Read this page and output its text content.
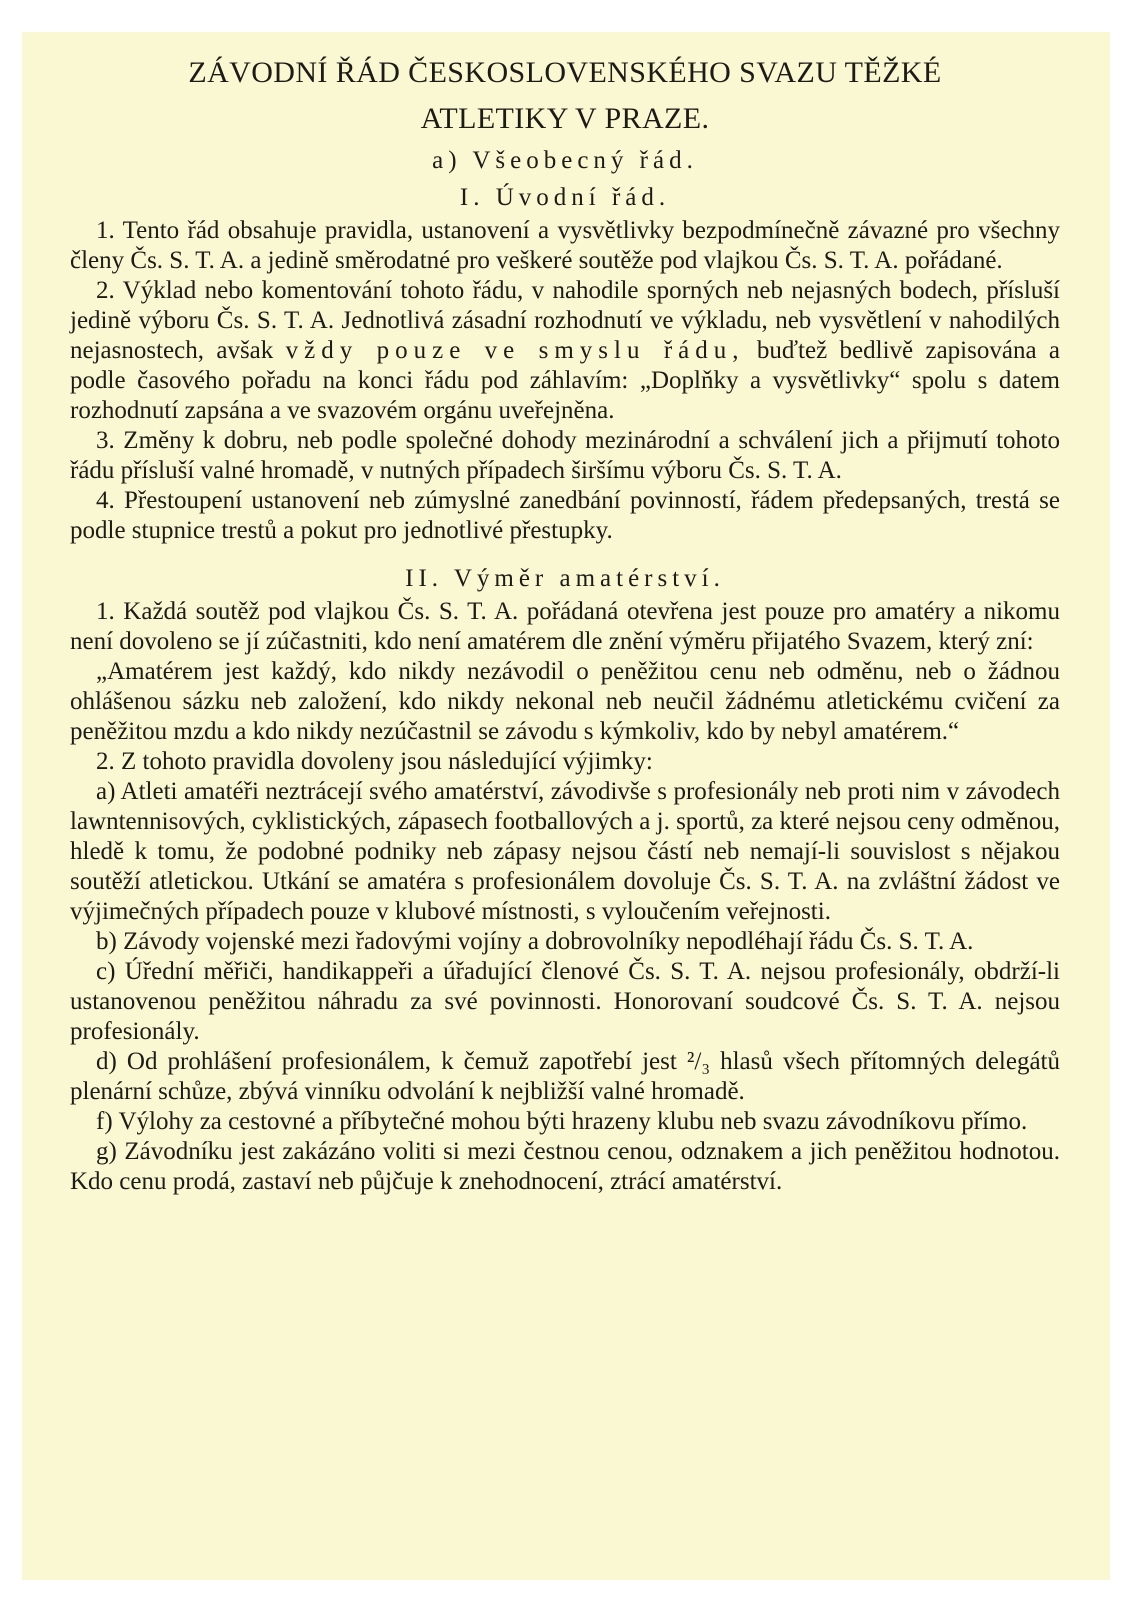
ZÁVODNÍ ŘÁD ČESKOSLOVENSKÉHO SVAZU TĚŽKÉ
ATLETIKY V PRAZE.
a) Všeobecný řád.
I. Úvodní řád.

1. Tento řád obsahuje pravidla, ustanovení a vysvětlivky bezpodmínečně závazné pro všechny členy Čs. S. T. A. a jedině směrodatné pro veškeré soutěže pod vlajkou Čs. S. T. A. pořádané.

2. Výklad nebo komentování tohoto řádu, v nahodile sporných neb nejasných bodech, přísluší jedině výboru Čs. S. T. A. Jednotlivá zásadní rozhodnutí ve výkladu, neb vysvětlení v nahodilých nejasnostech, avšak vždy pouze ve smyslu řádu, buďtež bedlivě zapisována a podle časového pořadu na konci řádu pod záhlavím: „Doplňky a vysvětlivky“ spolu s datem rozhodnutí zapsána a ve svazovém orgánu uveřejněna.

3. Změny k dobru, neb podle společné dohody mezinárodní a schválení jich a přijmutí tohoto řádu přísluší valné hromadě, v nutných případech širšímu výboru Čs. S. T. A.

4. Přestoupení ustanovení neb zúmyslné zanedbání povinností, řádem předepsaných, trestá se podle stupnice trestů a pokut pro jednotlivé přestupky.

II. Výměr amatérství.

1. Každá soutěž pod vlajkou Čs. S. T. A. pořádaná otevřena jest pouze pro amatéry a nikomu není dovoleno se jí zúčastniti, kdo není amatérem dle znění výměru přijatého Svazem, který zní:

„Amatérem jest každý, kdo nikdy nezávodil o peněžitou cenu neb odměnu, neb o žádnou ohlášenou sázku neb založení, kdo nikdy nekonal neb neučil žádnému atletickému cvičení za peněžitou mzdu a kdo nikdy nezúčastnil se závodu s kýmkoliv, kdo by nebyl amatérem.“

2. Z tohoto pravidla dovoleny jsou následující výjimky:

a) Atleti amatéři neztrácejí svého amatérství, závodivše s profesionály neb proti nim v závodech lawntennisových, cyklistických, zápasech footballových a j. sportů, za které nejsou ceny odměnou, hledě k tomu, že podobné podniky neb zápasy nejsou částí neb nemají-li souvislost s nějakou soutěží atletickou. Utkání se amatéra s profesionálem dovoluje Čs. S. T. A. na zvláštní žádost ve výjimečných případech pouze v klubové místnosti, s vyloučením veřejnosti.

b) Závody vojenské mezi řadovými vojíny a dobrovolníky nepodléhají řádu Čs. S. T. A.

c) Úřední měřiči, handikappeři a úřadující členové Čs. S. T. A. nejsou profesionály, obdrží-li ustanovenou peněžitou náhradu za své povinnosti. Honorovaní soudcové Čs. S. T. A. nejsou profesionály.

d) Od prohlášení profesionálem, k čemuž zapotřebí jest ²/₃ hlasů všech přítomných delegátů plenární schůze, zbývá vinníku odvolání k nejbližší valné hromadě.

f) Výlohy za cestovné a příbytečné mohou býti hrazeny klubu neb svazu závodníkovu přímo.

g) Závodníku jest zakázáno voliti si mezi čestnou cenou, odznakem a jich peněžitou hodnotou. Kdo cenu prodá, zastaví neb půjčuje k znehodnocení, ztrácí amatérství.
